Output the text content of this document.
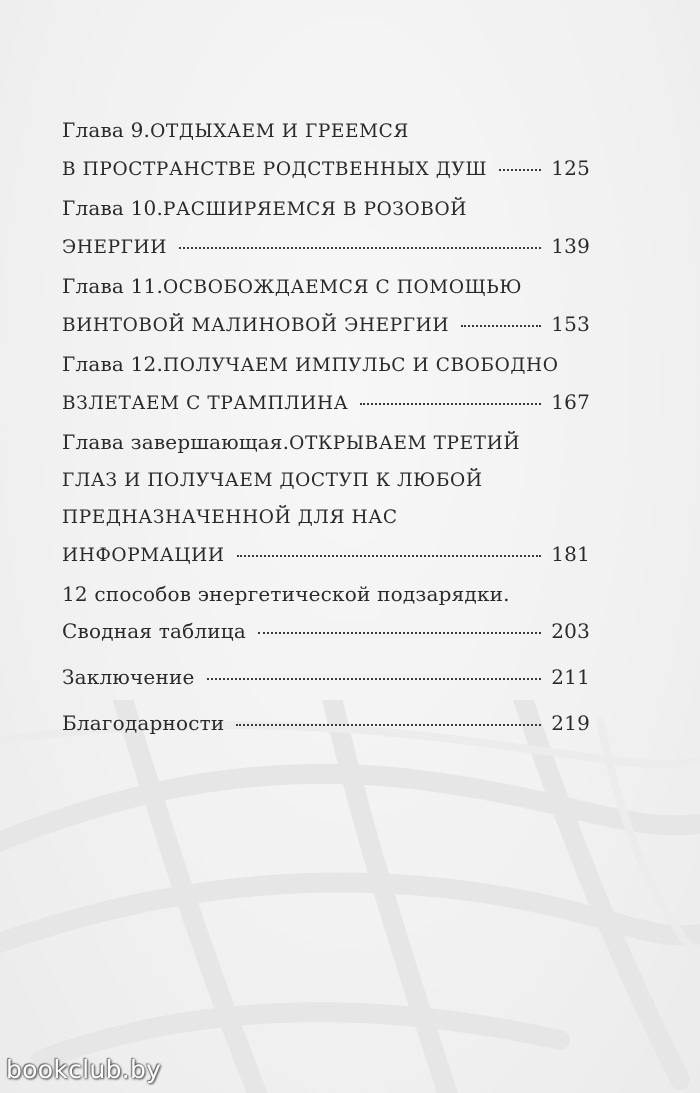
Глава 9. ОТДЫХАЕМ И ГРЕЕМСЯ
В ПРОСТРАНСТВЕ РОДСТВЕННЫХ ДУШ	125
Глава 10. РАСШИРЯЕМСЯ В РОЗОВОЙ
ЭНЕРГИИ	139
Глава 11. ОСВОБОЖДАЕМСЯ С ПОМОЩЬЮ
ВИНТОВОЙ МАЛИНОВОЙ ЭНЕРГИИ	153
Глава 12. ПОЛУЧАЕМ ИМПУЛЬС И СВОБОДНО
ВЗЛЕТАЕМ С ТРАМПЛИНА	167
Глава завершающая. ОТКРЫВАЕМ ТРЕТИЙ
ГЛАЗ И ПОЛУЧАЕМ ДОСТУП К ЛЮБОЙ
ПРЕДНАЗНАЧЕННОЙ ДЛЯ НАС
ИНФОРМАЦИИ	181
12 способов энергетической подзарядки.
Сводная таблица	203
Заключение	211
Благодарности	219
bookclub.by
